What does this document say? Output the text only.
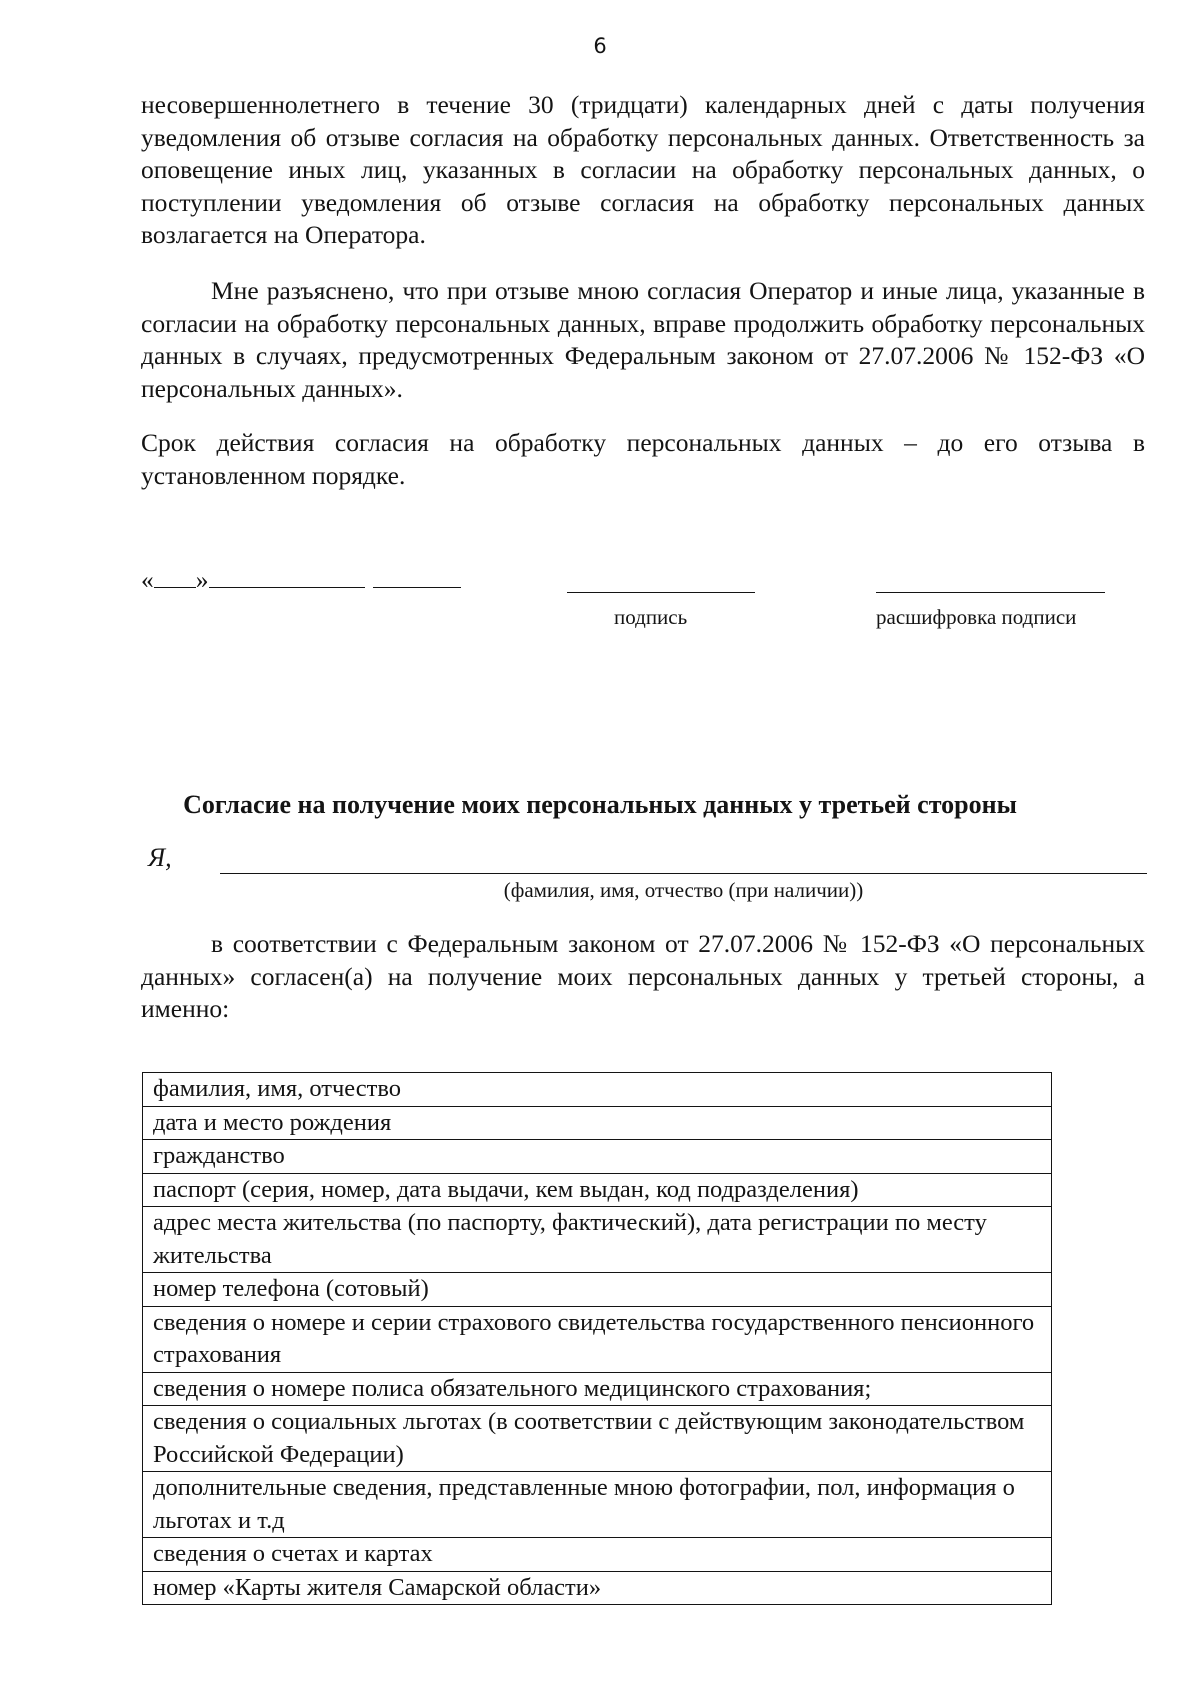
6

несовершеннолетнего в течение 30 (тридцати) календарных дней с даты получения уведомления об отзыве согласия на обработку персональных данных. Ответственность за оповещение иных лиц, указанных в согласии на обработку персональных данных, о поступлении уведомления об отзыве согласия на обработку персональных данных возлагается на Оператора.

Мне разъяснено, что при отзыве мною согласия Оператор и иные лица, указанные в согласии на обработку персональных данных, вправе продолжить обработку персональных данных в случаях, предусмотренных Федеральным законом от 27.07.2006 № 152-ФЗ «О персональных данных».

Срок действия согласия на обработку персональных данных – до его отзыва в установленном порядке.

« »
подпись	расшифровка подписи
Согласие на получение моих персональных данных у третьей стороны
Я,
(фамилия, имя, отчество (при наличии))

в соответствии с Федеральным законом от 27.07.2006 № 152-ФЗ «О персональных данных» согласен(а) на получение моих персональных данных у третьей стороны, а именно:

фамилия, имя, отчество
дата и место рождения
гражданство
паспорт (серия, номер, дата выдачи, кем выдан, код подразделения)
адрес места жительства (по паспорту, фактический), дата регистрации по месту жительства
номер телефона (сотовый)
сведения о номере и серии страхового свидетельства государственного пенсионного страхования
сведения о номере полиса обязательного медицинского страхования;
сведения о социальных льготах (в соответствии с действующим законодательством Российской Федерации)
дополнительные сведения, представленные мною фотографии, пол, информация о льготах и т.д
сведения о счетах и картах
номер «Карты жителя Самарской области»
